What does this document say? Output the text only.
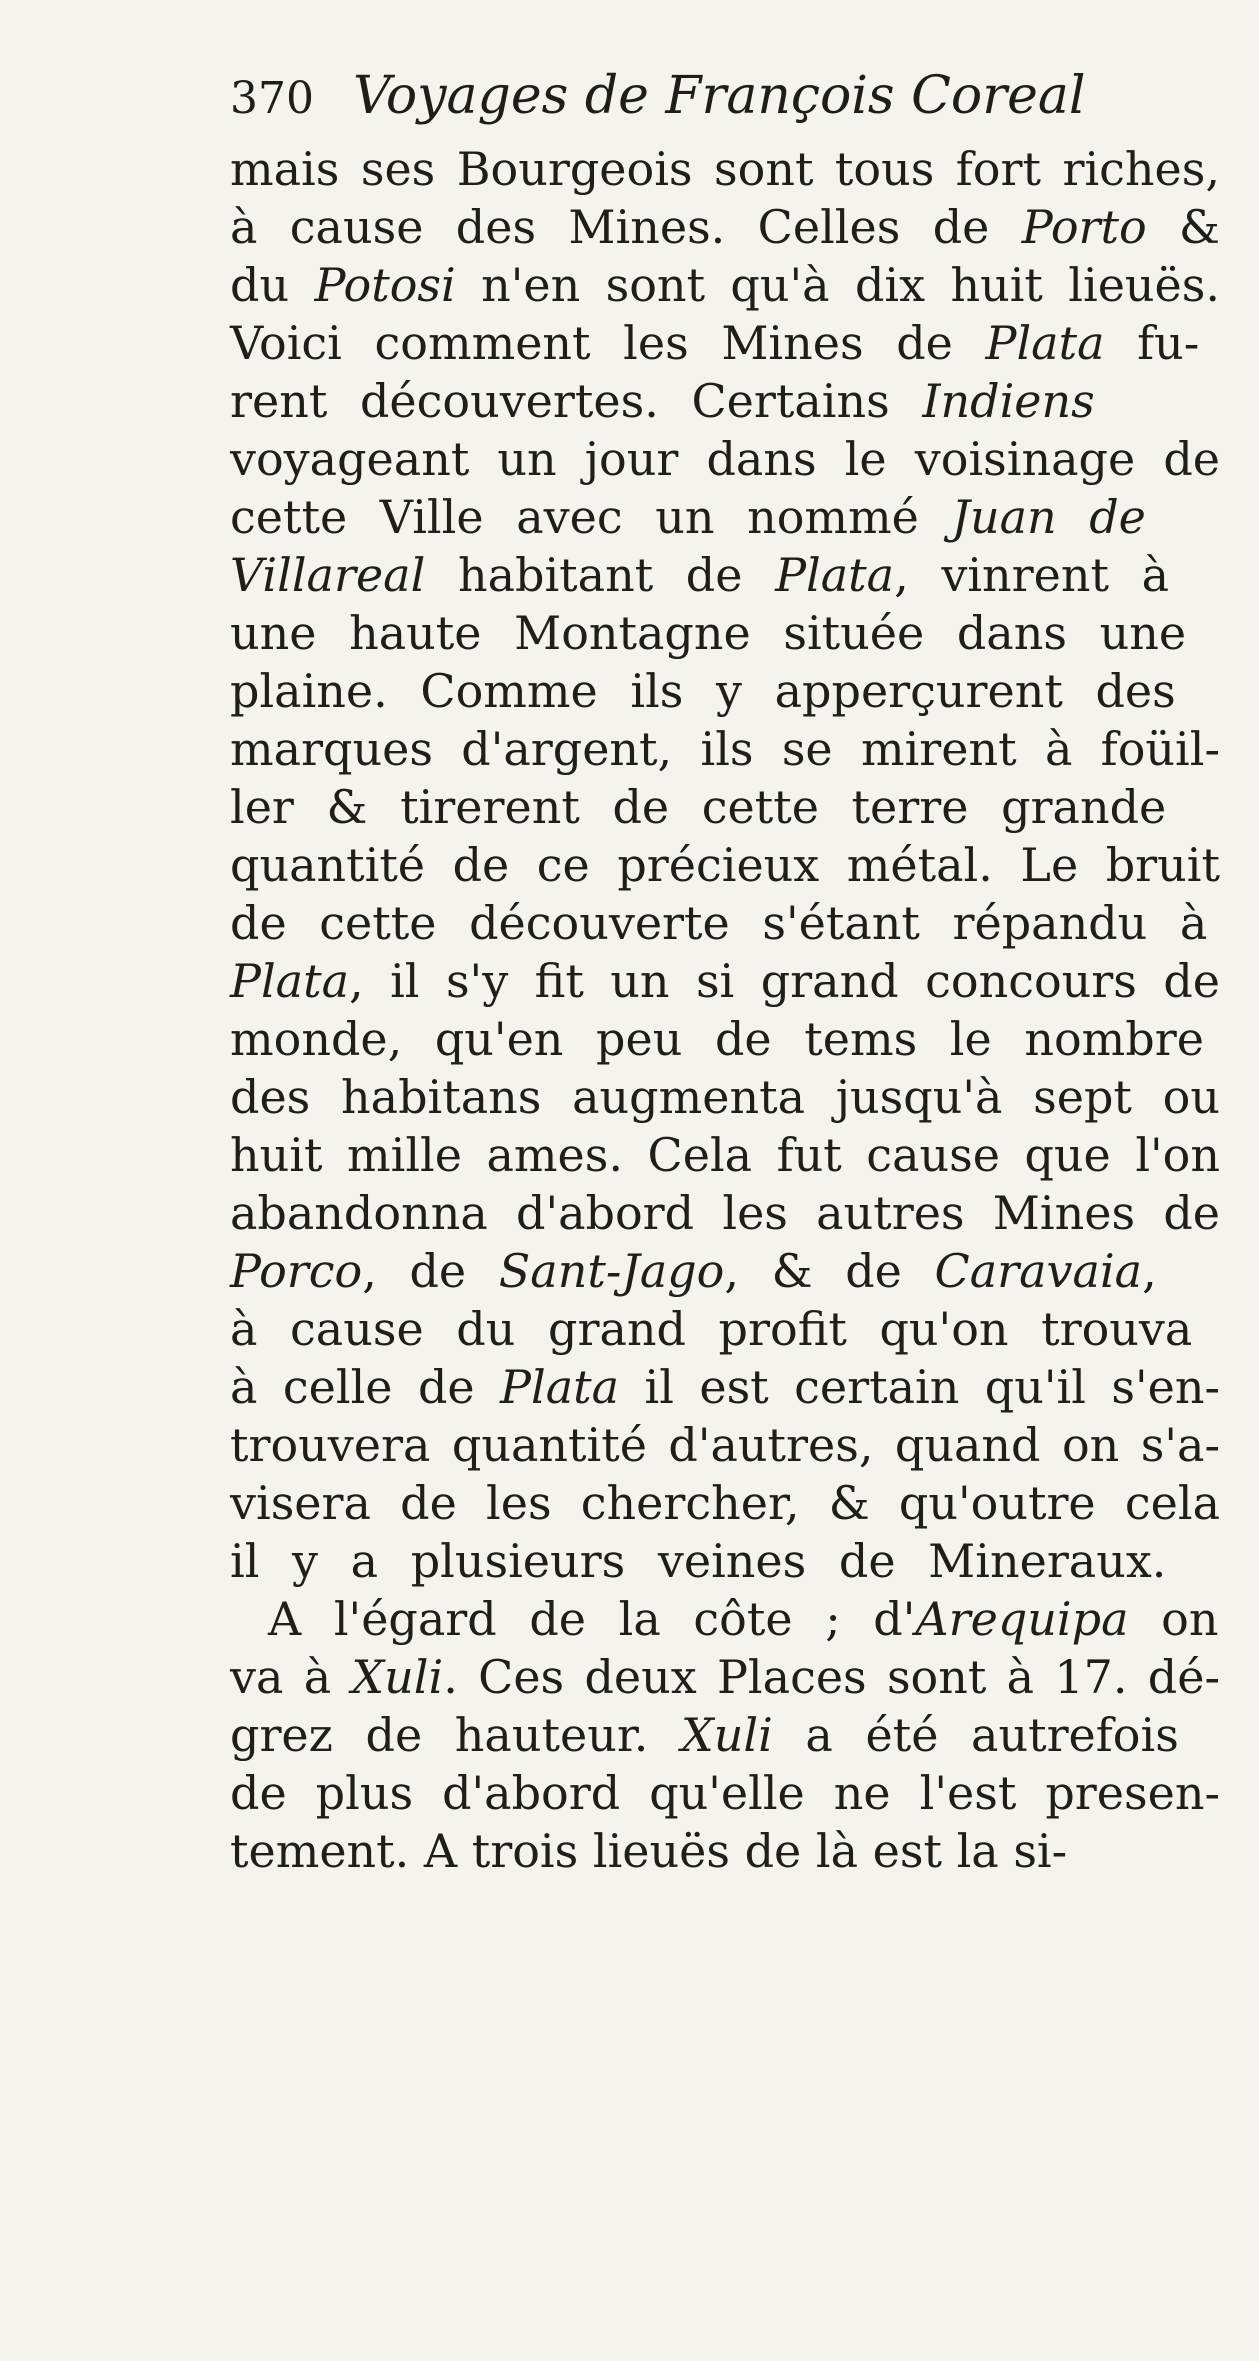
370 Voyages de François Coreal
mais ses Bourgeois sont tous fort riches,
à cause des Mines. Celles de Porto &
du Potosi n'en sont qu'à dix huit lieuës.
Voici comment les Mines de Plata fu-
rent découvertes. Certains Indiens
voyageant un jour dans le voisinage de
cette Ville avec un nommé Juan de
Villareal habitant de Plata, vinrent à
une haute Montagne située dans une
plaine. Comme ils y apperçurent des
marques d'argent, ils se mirent à foüil-
ler & tirerent de cette terre grande
quantité de ce précieux métal. Le bruit
de cette découverte s'étant répandu à
Plata, il s'y fit un si grand concours de
monde, qu'en peu de tems le nombre
des habitans augmenta jusqu'à sept ou
huit mille ames. Cela fut cause que l'on
abandonna d'abord les autres Mines de
Porco, de Sant-Jago, & de Caravaia,
à cause du grand profit qu'on trouva
à celle de Plata il est certain qu'il s'en-
trouvera quantité d'autres, quand on s'a-
visera de les chercher, & qu'outre cela
il y a plusieurs veines de Mineraux.
A l'égard de la côte ; d'Arequipa on
va à Xuli. Ces deux Places sont à 17. dé-
grez de hauteur. Xuli a été autrefois
de plus d'abord qu'elle ne l'est presen-
tement. A trois lieuës de là est la si-
